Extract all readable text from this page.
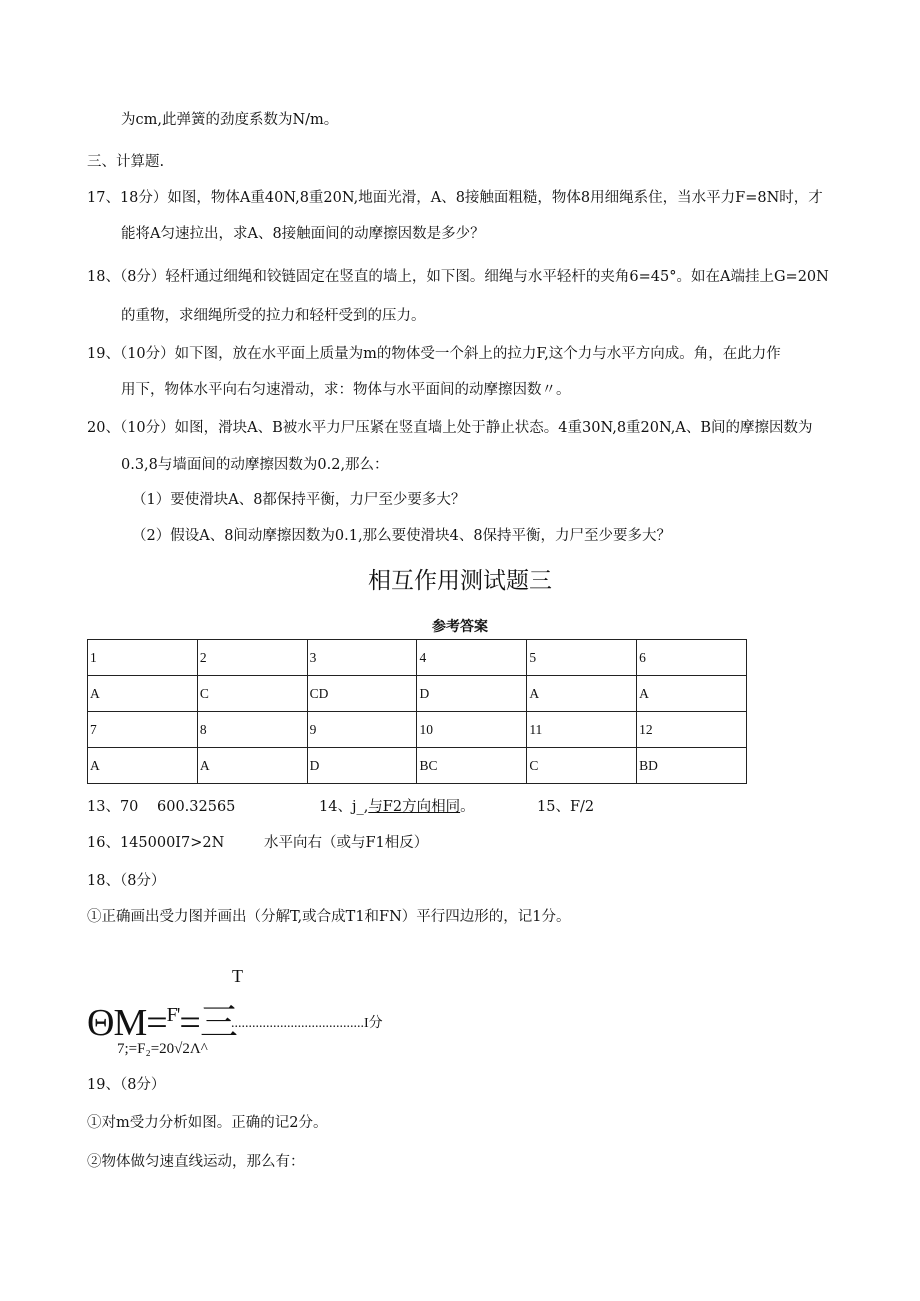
为cm,此弹簧的劲度系数为N/m。
三、计算题.
17、18分）如图，物体A重40N,8重20N,地面光滑，A、8接触面粗糙，物体8用细绳系住，当水平力F=8N时，才
能将A匀速拉出，求A、8接触面间的动摩擦因数是多少？
18、（8分）轻杆通过细绳和铰链固定在竖直的墙上，如下图。细绳与水平轻杆的夹角6=45°。如在A端挂上G=20N
的重物，求细绳所受的拉力和轻杆受到的压力。
19、（10分）如下图，放在水平面上质量为m的物体受一个斜上的拉力F,这个力与水平方向成。角，在此力作
用下，物体水平向右匀速滑动，求：物体与水平面间的动摩擦因数〃。
20、（10分）如图，滑块A、B被水平力尸压紧在竖直墙上处于静止状态。4重30N,8重20N,A、B间的摩擦因数为
0.3,8与墙面间的动摩擦因数为0.2,那么：
（1）要使滑块A、8都保持平衡，力尸至少要多大？
（2）假设A、8间动摩擦因数为0.1,那么要使滑块4、8保持平衡，力尸至少要多大？
相互作用测试题三
参考答案
1	2	3	4	5	6
A	C	CD	D	A	A
7	8	9	10	11	12
A	A	D	BC	C	BD
13、70 600.32565	14、j_,与F2方向相同。	15、F/2
16、145000I7>2N	水平向右（或与F1相反）
18、（8分）
①正确画出受力图并画出（分解T,或合成T1和FN）平行四边形的，记1分。
T
ΘM=$^{F'}$=三
......................................I分
7;=F₂=20√2Λ^
19、（8分）
①对m受力分析如图。正确的记2分。
②物体做匀速直线运动，那么有：
